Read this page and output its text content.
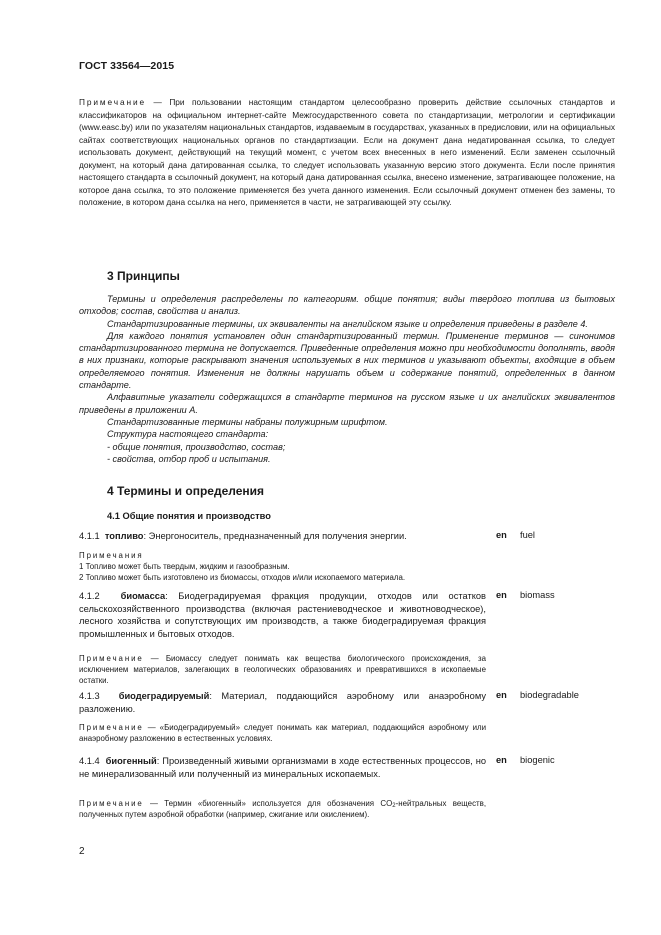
ГОСТ 33564—2015
Примечание — При пользовании настоящим стандартом целесообразно проверить действие ссылочных стандартов и классификаторов на официальном интернет-сайте Межгосударственного совета по стандартизации, метрологии и сертификации (www.easc.by) или по указателям национальных стандартов, издаваемым в государствах, указанных в предисловии, или на официальных сайтах соответствующих национальных органов по стандартизации. Если на документ дана недатированная ссылка, то следует использовать документ, действующий на текущий момент, с учетом всех внесенных в него изменений. Если заменен ссылочный документ, на который дана датированная ссылка, то следует использовать указанную версию этого документа. Если после принятия настоящего стандарта в ссылочный документ, на который дана датированная ссылка, внесено изменение, затрагивающее положение, на которое дана ссылка, то это положение применяется без учета данного изменения. Если ссылочный документ отменен без замены, то положение, в котором дана ссылка на него, применяется в части, не затрагивающей эту ссылку.
3 Принципы

Термины и определения распределены по категориям. общие понятия; виды твердого топлива из бытовых отходов; состав, свойства и анализ.

Стандартизированные термины, их эквиваленты на английском языке и определения приведены в разделе 4.

Для каждого понятия установлен один стандартизированный термин. Применение терминов — синонимов стандартизированного термина не допускается. Приведенные определения можно при необходимости дополнять, вводя в них признаки, которые раскрывают значения используемых в них терминов и указывают объекты, входящие в объем определяемого понятия. Изменения не должны нарушать объем и содержание понятий, определенных в данном стандарте.

Алфавитные указатели содержащихся в стандарте терминов на русском языке и их английских эквивалентов приведены в приложении А.

Стандартизованные термины набраны полужирным шрифтом.

Структура настоящего стандарта:

- общие понятия, производство, состав;

- свойства, отбор проб и испытания.

4 Термины и определения
4.1 Общие понятия и производство
4.1.1 топливо: Энергоноситель, предназначенный для получения энергии.	en fuel

Примечания

1 Топливо может быть твердым, жидким и газообразным.

2 Топливо может быть изготовлено из биомассы, отходов и/или ископаемого материала.

4.1.2 биомасса: Биодеградируемая фракция продукции, отходов или остатков сельскохозяйственного производства (включая растениеводческое и животноводческое), лесного хозяйства и сопутствующих им производств, а также биодеградируемая фракция промышленных и бытовых отходов.
en biomass
Примечание — Биомассу следует понимать как вещества биологического происхождения, за исключением материалов, залегающих в геологических образованиях и превратившихся в ископаемые остатки.
4.1.3 биодеградируемый: Материал, поддающийся аэробному или анаэробному разложению.
en biodegradable
Примечание — «Биодеградируемый» следует понимать как материал, поддающийся аэробному или анаэробному разложению в естественных условиях.
4.1.4 биогенный: Произведенный живыми организмами в ходе естественных процессов, но не минерализованный или полученный из минеральных ископаемых.
en biogenic
Примечание — Термин «биогенный» используется для обозначения $CO_2$-нейтральных веществ, полученных путем аэробной обработки (например, сжигание или окислением).
2
